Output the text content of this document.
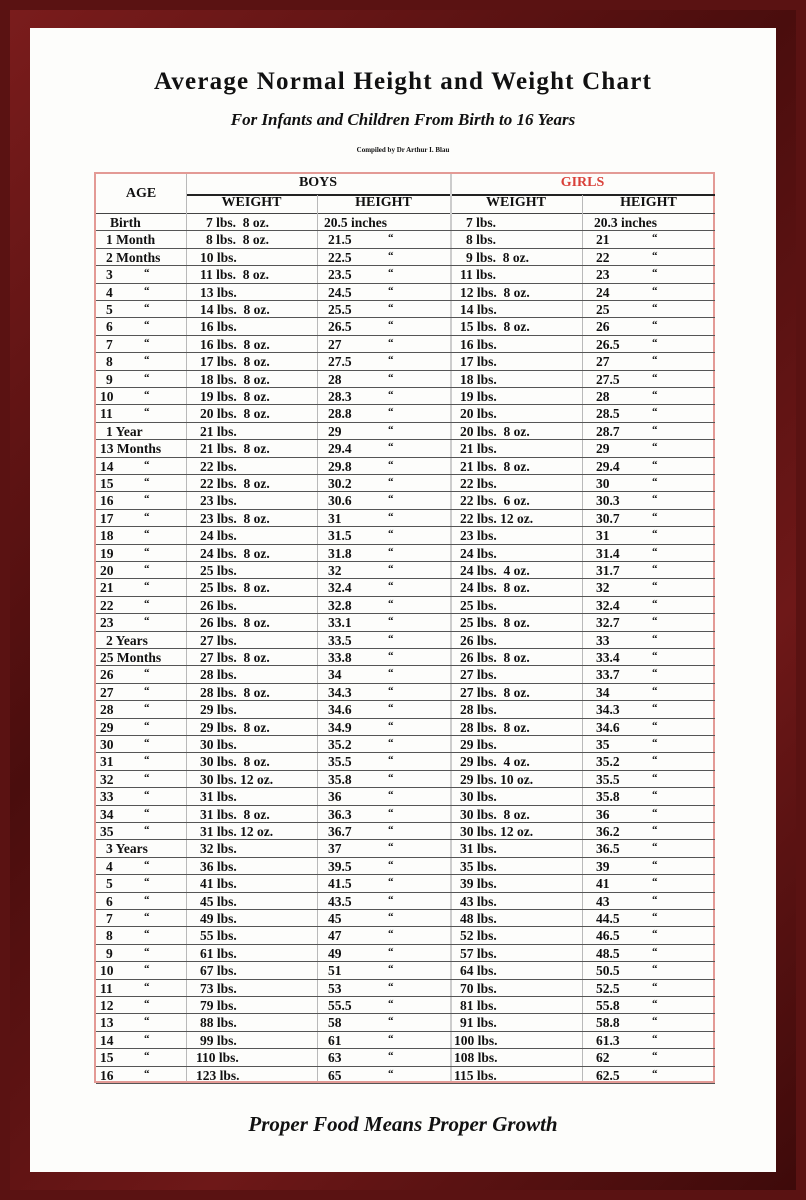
Average Normal Height and Weight Chart
For Infants and Children From Birth to 16 Years
Compiled by Dr Arthur I. Blau
AGE
BOYS	GIRLS
WEIGHT	HEIGHT	WEIGHT	HEIGHT
Birth	7 lbs.  8 oz.	20.5 inches	7 lbs.	20.3 inches
1 Month	8 lbs.  8 oz.	21.5	“	8 lbs.	21	“
2 Months	10 lbs.	22.5	“	9 lbs.  8 oz.	22	“
3	“	11 lbs.  8 oz.	23.5	“	11 lbs.	23	“
4	“	13 lbs.	24.5	“	12 lbs.  8 oz.	24	“
5	“	14 lbs.  8 oz.	25.5	“	14 lbs.	25	“
6	“	16 lbs.	26.5	“	15 lbs.  8 oz.	26	“
7	“	16 lbs.  8 oz.	27	“	16 lbs.	26.5	“
8	“	17 lbs.  8 oz.	27.5	“	17 lbs.	27	“
9	“	18 lbs.  8 oz.	28	“	18 lbs.	27.5	“
10	“	19 lbs.  8 oz.	28.3	“	19 lbs.	28	“
11	“	20 lbs.  8 oz.	28.8	“	20 lbs.	28.5	“
1 Year	21 lbs.	29	“	20 lbs.  8 oz.	28.7	“
13 Months	21 lbs.  8 oz.	29.4	“	21 lbs.	29	“
14	“	22 lbs.	29.8	“	21 lbs.  8 oz.	29.4	“
15	“	22 lbs.  8 oz.	30.2	“	22 lbs.	30	“
16	“	23 lbs.	30.6	“	22 lbs.  6 oz.	30.3	“
17	“	23 lbs.  8 oz.	31	“	22 lbs. 12 oz.	30.7	“
18	“	24 lbs.	31.5	“	23 lbs.	31	“
19	“	24 lbs.  8 oz.	31.8	“	24 lbs.	31.4	“
20	“	25 lbs.	32	“	24 lbs.  4 oz.	31.7	“
21	“	25 lbs.  8 oz.	32.4	“	24 lbs.  8 oz.	32	“
22	“	26 lbs.	32.8	“	25 lbs.	32.4	“
23	“	26 lbs.  8 oz.	33.1	“	25 lbs.  8 oz.	32.7	“
2 Years	27 lbs.	33.5	“	26 lbs.	33	“
25 Months	27 lbs.  8 oz.	33.8	“	26 lbs.  8 oz.	33.4	“
26	“	28 lbs.	34	“	27 lbs.	33.7	“
27	“	28 lbs.  8 oz.	34.3	“	27 lbs.  8 oz.	34	“
28	“	29 lbs.	34.6	“	28 lbs.	34.3	“
29	“	29 lbs.  8 oz.	34.9	“	28 lbs.  8 oz.	34.6	“
30	“	30 lbs.	35.2	“	29 lbs.	35	“
31	“	30 lbs.  8 oz.	35.5	“	29 lbs.  4 oz.	35.2	“
32	“	30 lbs. 12 oz.	35.8	“	29 lbs. 10 oz.	35.5	“
33	“	31 lbs.	36	“	30 lbs.	35.8	“
34	“	31 lbs.  8 oz.	36.3	“	30 lbs.  8 oz.	36	“
35	“	31 lbs. 12 oz.	36.7	“	30 lbs. 12 oz.	36.2	“
3 Years	32 lbs.	37	“	31 lbs.	36.5	“
4	“	36 lbs.	39.5	“	35 lbs.	39	“
5	“	41 lbs.	41.5	“	39 lbs.	41	“
6	“	45 lbs.	43.5	“	43 lbs.	43	“
7	“	49 lbs.	45	“	48 lbs.	44.5	“
8	“	55 lbs.	47	“	52 lbs.	46.5	“
9	“	61 lbs.	49	“	57 lbs.	48.5	“
10	“	67 lbs.	51	“	64 lbs.	50.5	“
11	“	73 lbs.	53	“	70 lbs.	52.5	“
12	“	79 lbs.	55.5	“	81 lbs.	55.8	“
13	“	88 lbs.	58	“	91 lbs.	58.8	“
14	“	99 lbs.	61	“	100 lbs.	61.3	“
15	“	110 lbs.	63	“	108 lbs.	62	“
16	“	123 lbs.	65	“	115 lbs.	62.5	“
Proper Food Means Proper Growth
